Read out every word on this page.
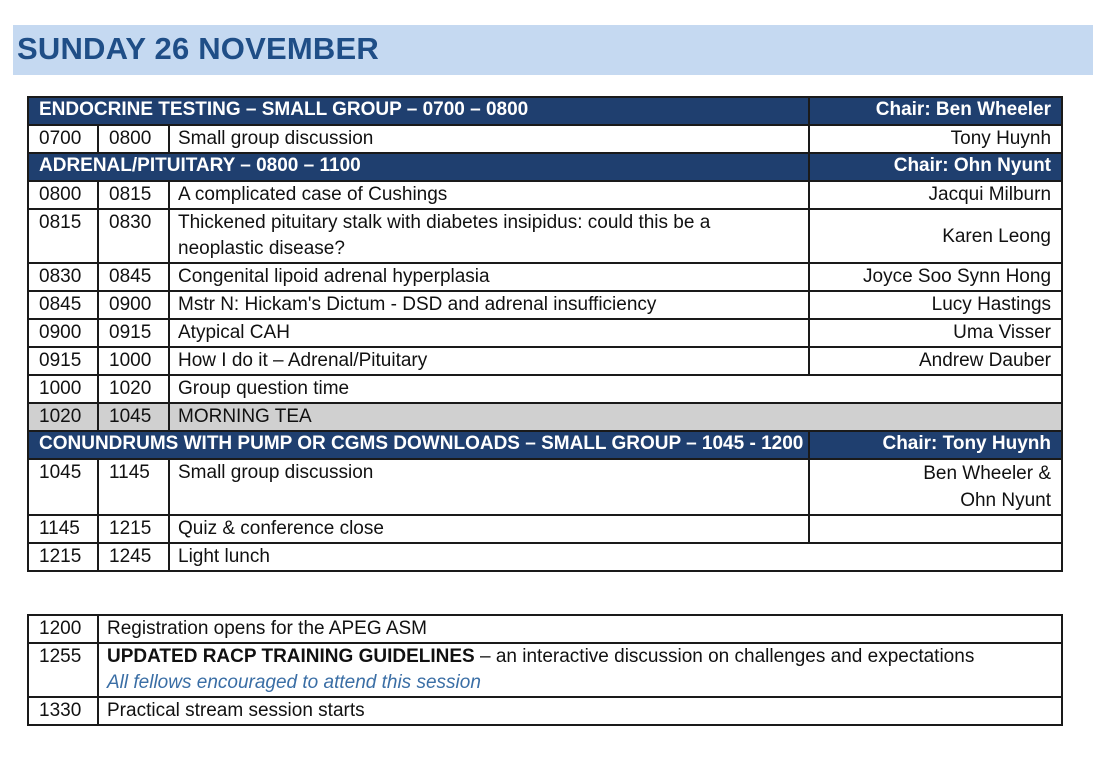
SUNDAY 26 NOVEMBER
ENDOCRINE TESTING – SMALL GROUP – 0700 – 0800			Chair: Ben Wheeler
0700	0800	Small group discussion	Tony Huynh
ADRENAL/PITUITARY – 0800 – 1100			Chair: Ohn Nyunt
0800	0815	A complicated case of Cushings	Jacqui Milburn
0815	0830	Thickened pituitary stalk with diabetes insipidus: could this be a neoplastic disease?	Karen Leong
0830	0845	Congenital lipoid adrenal hyperplasia	Joyce Soo Synn Hong
0845	0900	Mstr N: Hickam's Dictum - DSD and adrenal insufficiency	Lucy Hastings
0900	0915	Atypical CAH	Uma Visser
0915	1000	How I do it – Adrenal/Pituitary	Andrew Dauber
1000	1020	Group question time	
1020	1045	MORNING TEA	
CONUNDRUMS WITH PUMP OR CGMS DOWNLOADS – SMALL GROUP – 1045 - 1200			Chair: Tony Huynh
1045	1145	Small group discussion	Ben Wheeler &
Ohn Nyunt

1145	1215	Quiz & conference close	
1215	1245	Light lunch	
1200	Registration opens for the APEG ASM
1255	UPDATED RACP TRAINING GUIDELINES – an interactive discussion on challenges and expectations
All fellows encouraged to attend this session

1330	Practical stream session starts
